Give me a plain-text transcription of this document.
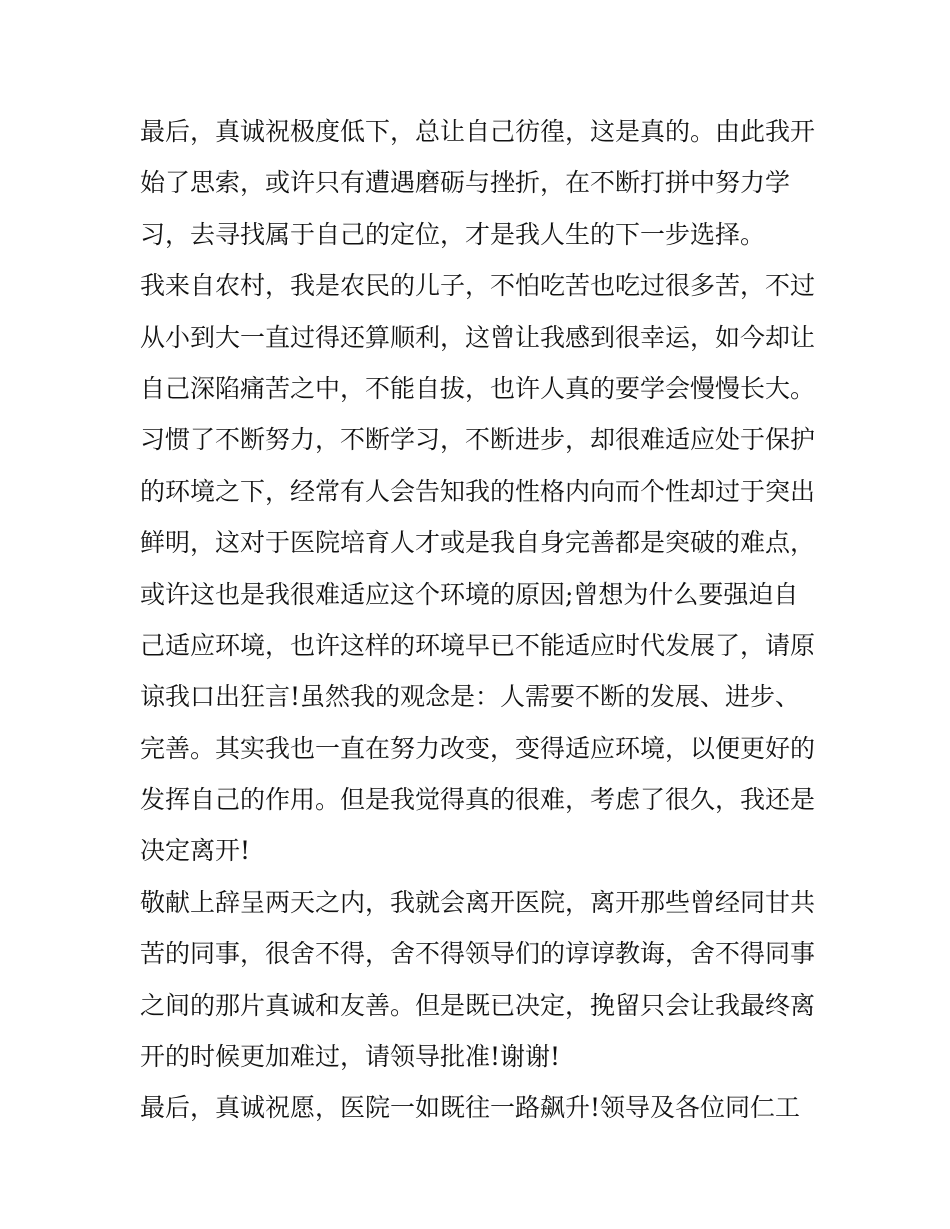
最后，真诚祝极度低下，总让自己彷徨，这是真的。由此我开
始了思索，或许只有遭遇磨砺与挫折，在不断打拼中努力学
习，去寻找属于自己的定位，才是我人生的下一步选择。
我来自农村，我是农民的儿子，不怕吃苦也吃过很多苦，不过
从小到大一直过得还算顺利，这曾让我感到很幸运，如今却让
自己深陷痛苦之中，不能自拔，也许人真的要学会慢慢长大。
习惯了不断努力，不断学习，不断进步，却很难适应处于保护
的环境之下，经常有人会告知我的性格内向而个性却过于突出
鲜明，这对于医院培育人才或是我自身完善都是突破的难点，
或许这也是我很难适应这个环境的原因;曾想为什么要强迫自
己适应环境，也许这样的环境早已不能适应时代发展了，请原
谅我口出狂言!虽然我的观念是：人需要不断的发展、进步、
完善。其实我也一直在努力改变，变得适应环境，以便更好的
发挥自己的作用。但是我觉得真的很难，考虑了很久，我还是
决定离开!
敬献上辞呈两天之内，我就会离开医院，离开那些曾经同甘共
苦的同事，很舍不得，舍不得领导们的谆谆教诲，舍不得同事
之间的那片真诚和友善。但是既已决定，挽留只会让我最终离
开的时候更加难过，请领导批准!谢谢!
最后，真诚祝愿，医院一如既往一路飙升!领导及各位同仁工
